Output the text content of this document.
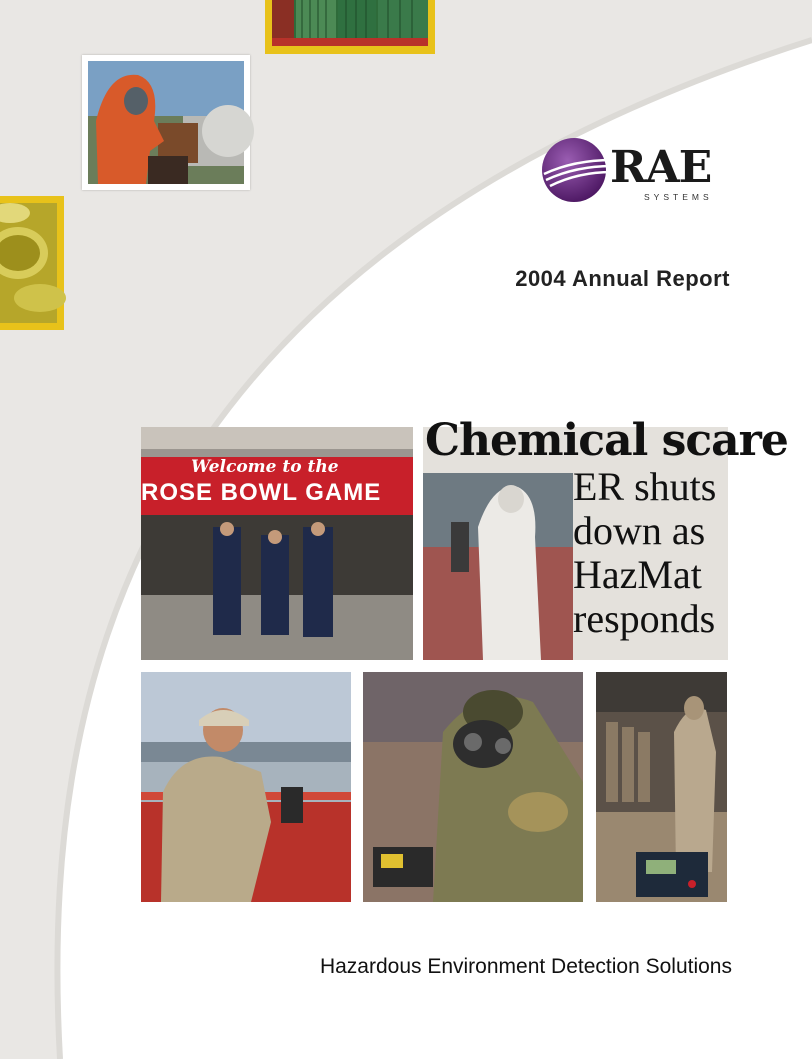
RAE
SYSTEMS
2004 Annual Report
Welcome to the
ROSE BOWL GAME
Chemical scare
ER shuts
down as
HazMat
responds
Hazardous Environment Detection Solutions
